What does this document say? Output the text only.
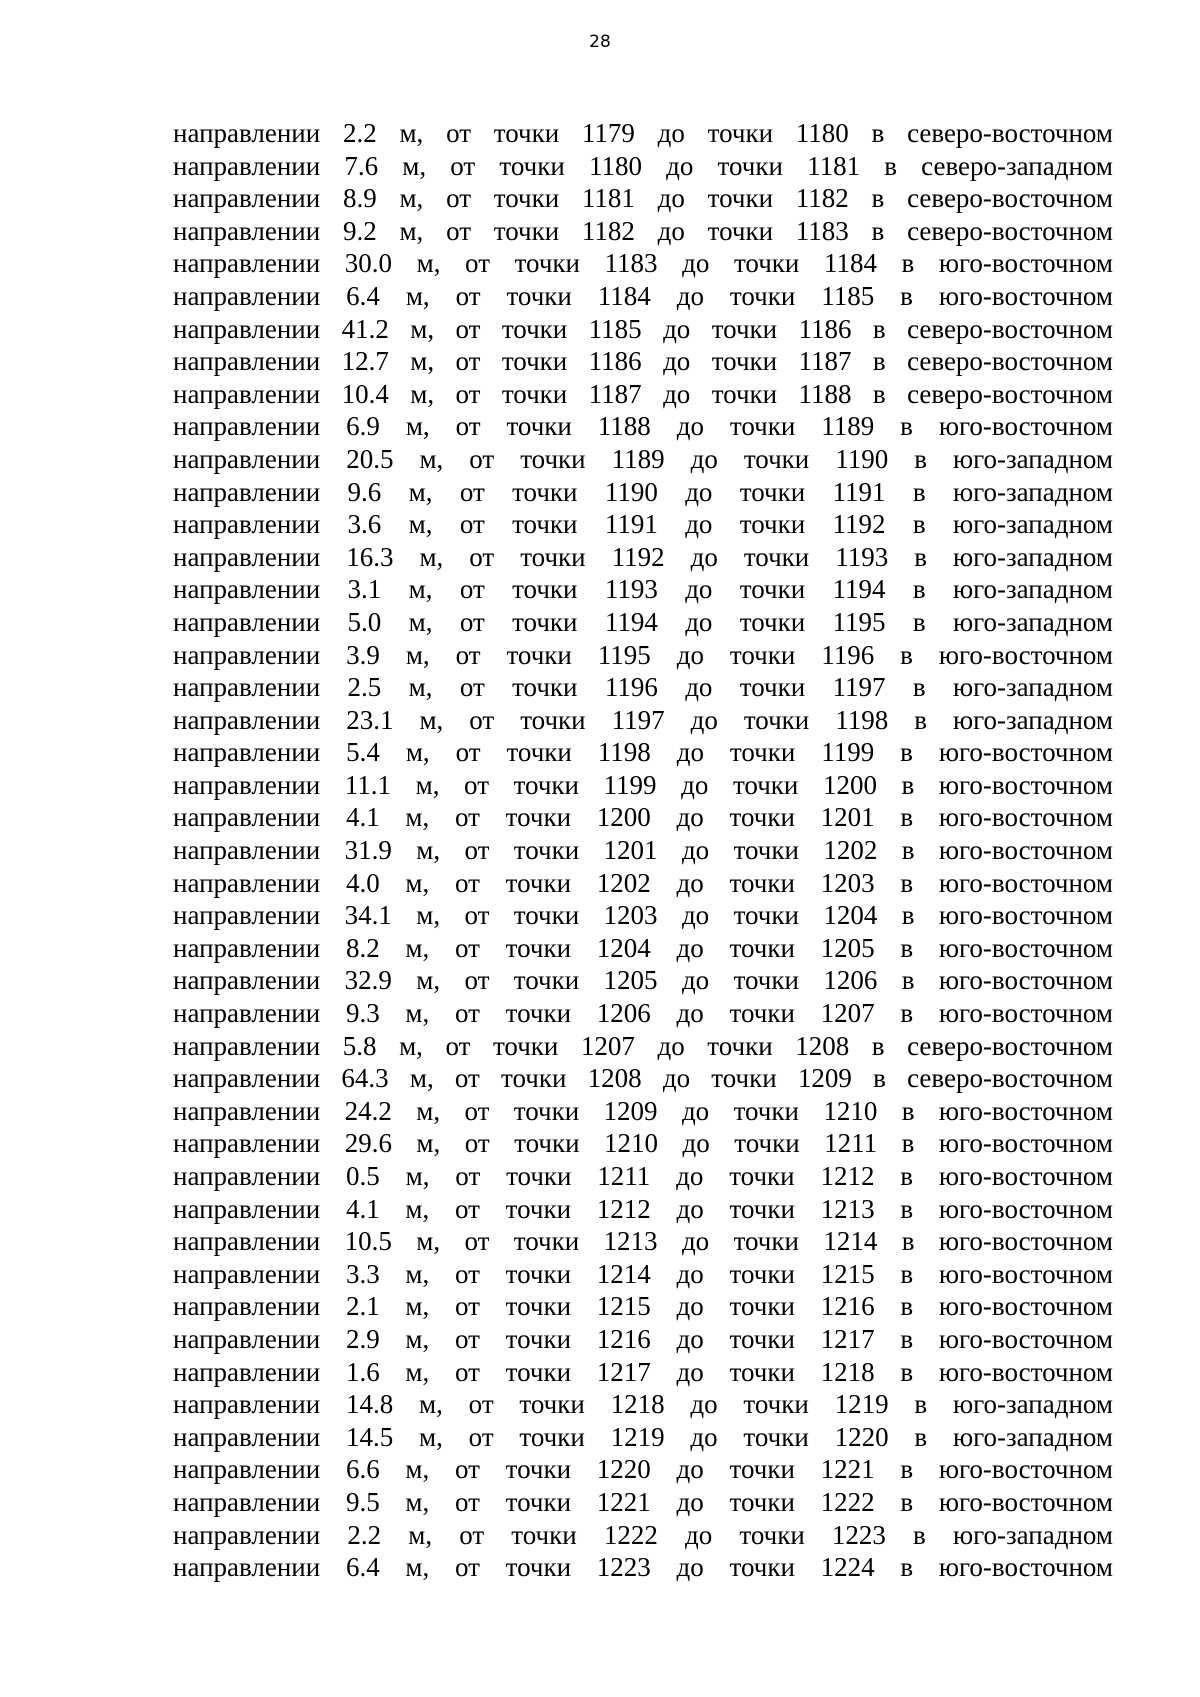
28
направлении 2.2 м, от точки 1179 до точки 1180 в северо-восточном
направлении 7.6 м, от точки 1180 до точки 1181 в северо-западном
направлении 8.9 м, от точки 1181 до точки 1182 в северо-восточном
направлении 9.2 м, от точки 1182 до точки 1183 в северо-восточном
направлении 30.0 м, от точки 1183 до точки 1184 в юго-восточном
направлении 6.4 м, от точки 1184 до точки 1185 в юго-восточном
направлении 41.2 м, от точки 1185 до точки 1186 в северо-восточном
направлении 12.7 м, от точки 1186 до точки 1187 в северо-восточном
направлении 10.4 м, от точки 1187 до точки 1188 в северо-восточном
направлении 6.9 м, от точки 1188 до точки 1189 в юго-восточном
направлении 20.5 м, от точки 1189 до точки 1190 в юго-западном
направлении 9.6 м, от точки 1190 до точки 1191 в юго-западном
направлении 3.6 м, от точки 1191 до точки 1192 в юго-западном
направлении 16.3 м, от точки 1192 до точки 1193 в юго-западном
направлении 3.1 м, от точки 1193 до точки 1194 в юго-западном
направлении 5.0 м, от точки 1194 до точки 1195 в юго-западном
направлении 3.9 м, от точки 1195 до точки 1196 в юго-восточном
направлении 2.5 м, от точки 1196 до точки 1197 в юго-западном
направлении 23.1 м, от точки 1197 до точки 1198 в юго-западном
направлении 5.4 м, от точки 1198 до точки 1199 в юго-восточном
направлении 11.1 м, от точки 1199 до точки 1200 в юго-восточном
направлении 4.1 м, от точки 1200 до точки 1201 в юго-восточном
направлении 31.9 м, от точки 1201 до точки 1202 в юго-восточном
направлении 4.0 м, от точки 1202 до точки 1203 в юго-восточном
направлении 34.1 м, от точки 1203 до точки 1204 в юго-восточном
направлении 8.2 м, от точки 1204 до точки 1205 в юго-восточном
направлении 32.9 м, от точки 1205 до точки 1206 в юго-восточном
направлении 9.3 м, от точки 1206 до точки 1207 в юго-восточном
направлении 5.8 м, от точки 1207 до точки 1208 в северо-восточном
направлении 64.3 м, от точки 1208 до точки 1209 в северо-восточном
направлении 24.2 м, от точки 1209 до точки 1210 в юго-восточном
направлении 29.6 м, от точки 1210 до точки 1211 в юго-восточном
направлении 0.5 м, от точки 1211 до точки 1212 в юго-восточном
направлении 4.1 м, от точки 1212 до точки 1213 в юго-восточном
направлении 10.5 м, от точки 1213 до точки 1214 в юго-восточном
направлении 3.3 м, от точки 1214 до точки 1215 в юго-восточном
направлении 2.1 м, от точки 1215 до точки 1216 в юго-восточном
направлении 2.9 м, от точки 1216 до точки 1217 в юго-восточном
направлении 1.6 м, от точки 1217 до точки 1218 в юго-восточном
направлении 14.8 м, от точки 1218 до точки 1219 в юго-западном
направлении 14.5 м, от точки 1219 до точки 1220 в юго-западном
направлении 6.6 м, от точки 1220 до точки 1221 в юго-восточном
направлении 9.5 м, от точки 1221 до точки 1222 в юго-восточном
направлении 2.2 м, от точки 1222 до точки 1223 в юго-западном
направлении 6.4 м, от точки 1223 до точки 1224 в юго-восточном
